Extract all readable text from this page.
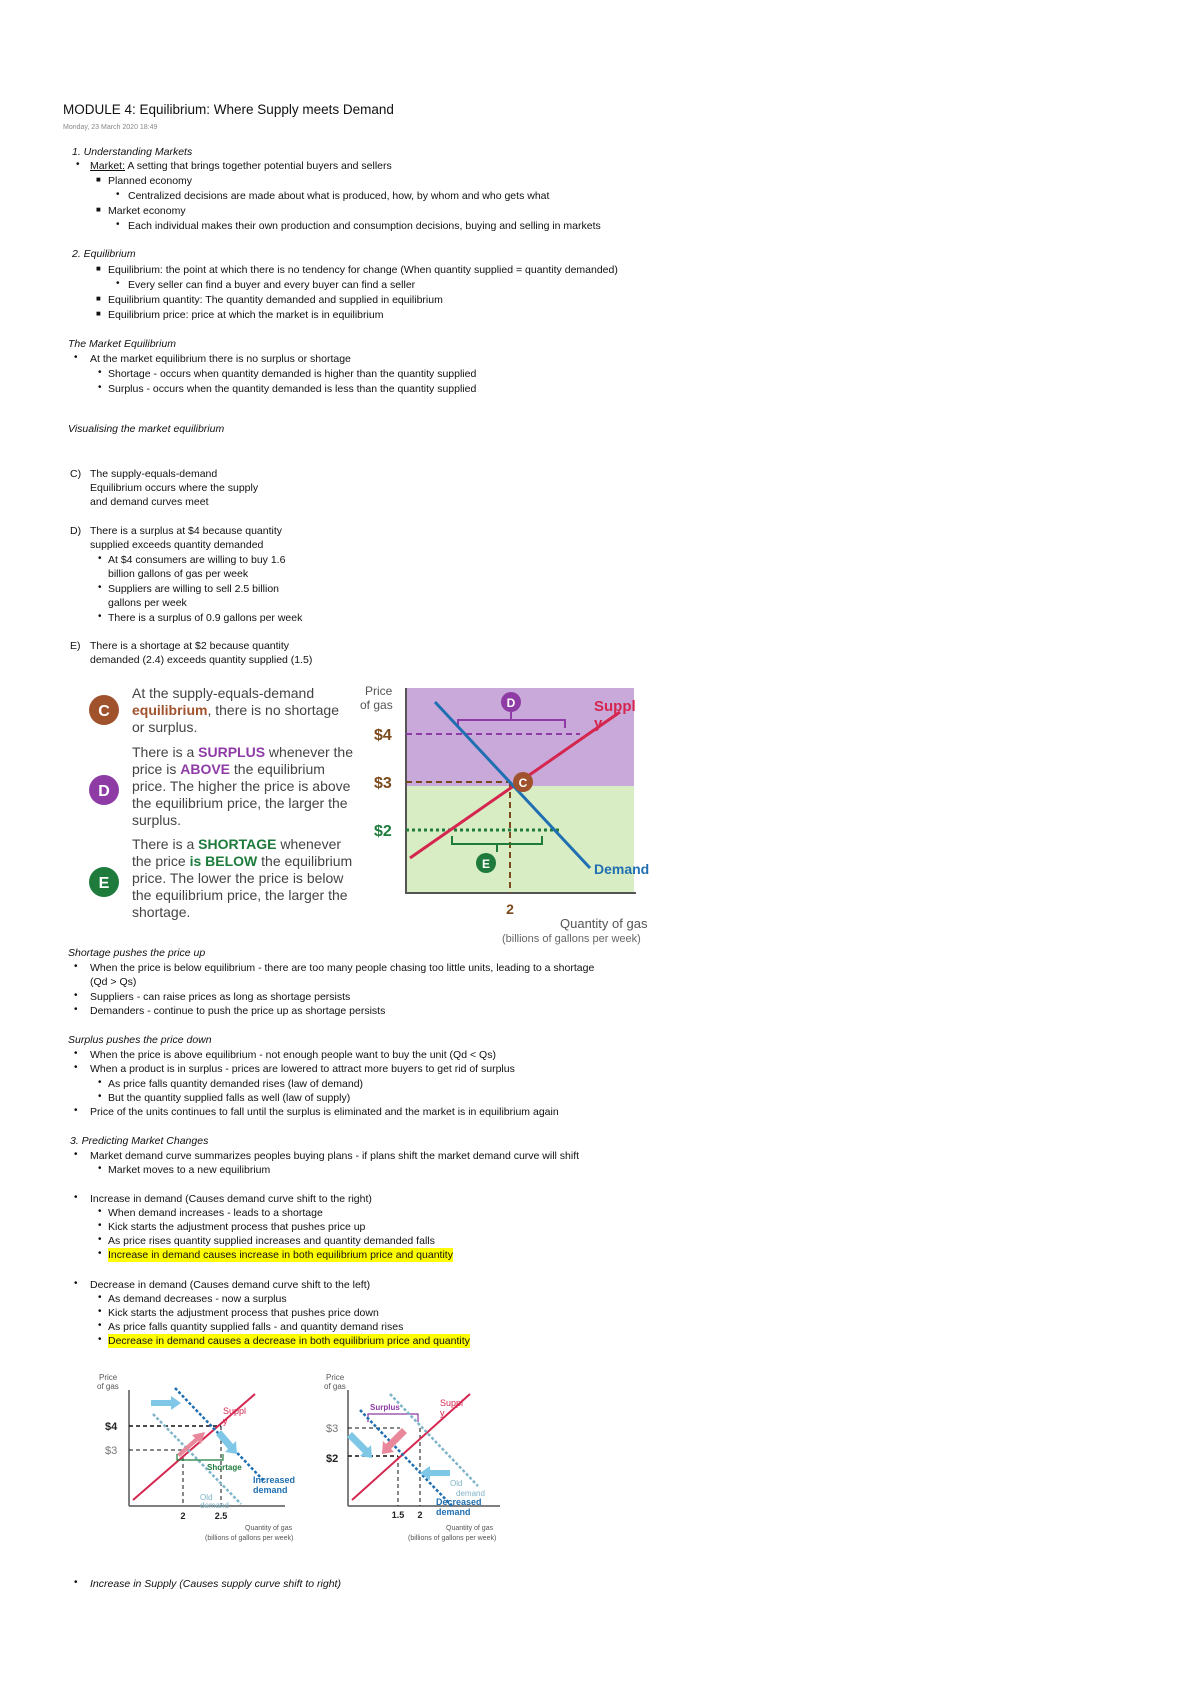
MODULE 4: Equilibrium: Where Supply meets Demand
Monday, 23 March 2020 18:49
1. Understanding Markets
• Market: A setting that brings together potential buyers and sellers
■ Planned economy
• Centralized decisions are made about what is produced, how, by whom and who gets what
■ Market economy
• Each individual makes their own production and consumption decisions, buying and selling in markets
2. Equilibrium
■ Equilibrium: the point at which there is no tendency for change (When quantity supplied = quantity demanded)
• Every seller can find a buyer and every buyer can find a seller
■ Equilibrium quantity: The quantity demanded and supplied in equilibrium
■ Equilibrium price: price at which the market is in equilibrium
The Market Equilibrium
• At the market equilibrium there is no surplus or shortage
• Shortage - occurs when quantity demanded is higher than the quantity supplied
• Surplus - occurs when the quantity demanded is less than the quantity supplied
Visualising the market equilibrium
C) The supply-equals-demand
Equilibrium occurs where the supply
and demand curves meet
D) There is a surplus at $4 because quantity
supplied exceeds quantity demanded
• At $4 consumers are willing to buy 1.6
billion gallons of gas per week
• Suppliers are willing to sell 2.5 billion
gallons per week
• There is a surplus of 0.9 gallons per week
E) There is a shortage at $2 because quantity
demanded (2.4) exceeds quantity supplied (1.5)
C
D
E
At the supply-equals-demand
equilibrium, there is no shortage
or surplus.
There is a SURPLUS whenever the
price is ABOVE the equilibrium
price. The higher the price is above
the equilibrium price, the larger the
surplus.
There is a SHORTAGE whenever
the price is BELOW the equilibrium
price. The lower the price is below
the equilibrium price, the larger the
shortage.
Price
of gas
$4
$3
$2
D
E
C
Suppl
y
Demand
2
Quantity of gas
(billions of gallons per week)
Shortage pushes the price up
• When the price is below equilibrium - there are too many people chasing too little units, leading to a shortage
(Qd > Qs)
• Suppliers - can raise prices as long as shortage persists
• Demanders - continue to push the price up as shortage persists
Surplus pushes the price down
• When the price is above equilibrium - not enough people want to buy the unit (Qd < Qs)
• When a product is in surplus - prices are lowered to attract more buyers to get rid of surplus
• As price falls quantity demanded rises (law of demand)
• But the quantity supplied falls as well (law of supply)
• Price of the units continues to fall until the surplus is eliminated and the market is in equilibrium again
3. Predicting Market Changes
• Market demand curve summarizes peoples buying plans - if plans shift the market demand curve will shift
• Market moves to a new equilibrium
• Increase in demand (Causes demand curve shift to the right)
• When demand increases - leads to a shortage
• Kick starts the adjustment process that pushes price up
• As price rises quantity supplied increases and quantity demanded falls
• Increase in demand causes increase in both equilibrium price and quantity
• Decrease in demand (Causes demand curve shift to the left)
• As demand decreases - now a surplus
• Kick starts the adjustment process that pushes price down
• As price falls quantity supplied falls - and quantity demand rises
• Decrease in demand causes a decrease in both equilibrium price and quantity
Price
of gas
$4
$3
Shortage
Suppl
y
Increased
demand
Old
demand
2	2.5
Quantity of gas
(billions of gallons per week)
Price
of gas
$3
$2
Surplus	Suppl
y
Old
demand
Decreased
demand
1.5 2
Quantity of gas
(billions of gallons per week)
• Increase in Supply (Causes supply curve shift to right)
